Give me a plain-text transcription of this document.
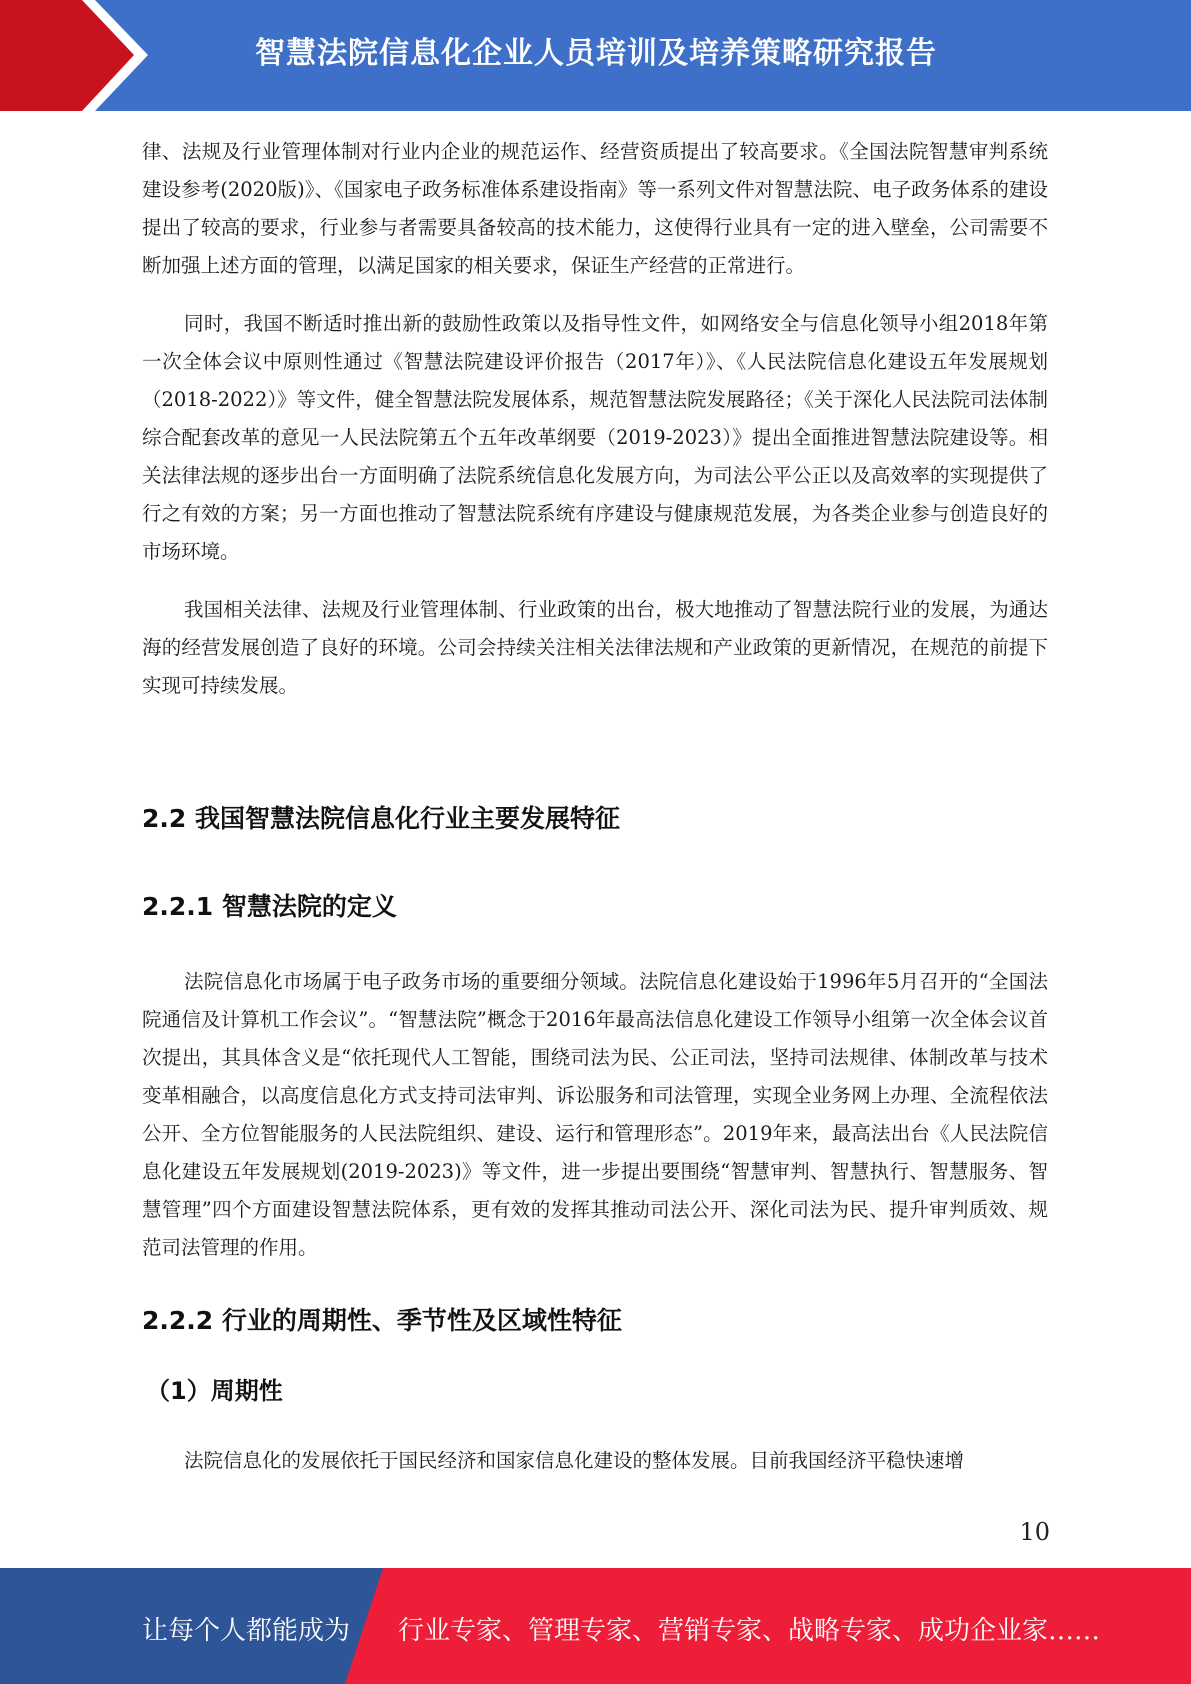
智慧法院信息化企业人员培训及培养策略研究报告

律、法规及行业管理体制对行业内企业的规范运作、经营资质提出了较高要求。《全国法院智慧审判系统建设参考(2020版)》、《国家电子政务标准体系建设指南》等一系列文件对智慧法院、电子政务体系的建设提出了较高的要求，行业参与者需要具备较高的技术能力，这使得行业具有一定的进入壁垒，公司需要不断加强上述方面的管理，以满足国家的相关要求，保证生产经营的正常进行。

同时，我国不断适时推出新的鼓励性政策以及指导性文件，如网络安全与信息化领导小组2018年第一次全体会议中原则性通过《智慧法院建设评价报告（2017年）》、《人民法院信息化建设五年发展规划（2018-2022）》等文件，健全智慧法院发展体系，规范智慧法院发展路径；《关于深化人民法院司法体制综合配套改革的意见一人民法院第五个五年改革纲要（2019-2023）》提出全面推进智慧法院建设等。相关法律法规的逐步出台一方面明确了法院系统信息化发展方向，为司法公平公正以及高效率的实现提供了行之有效的方案；另一方面也推动了智慧法院系统有序建设与健康规范发展，为各类企业参与创造良好的市场环境。

我国相关法律、法规及行业管理体制、行业政策的出台，极大地推动了智慧法院行业的发展，为通达海的经营发展创造了良好的环境。公司会持续关注相关法律法规和产业政策的更新情况，在规范的前提下实现可持续发展。

2.2 我国智慧法院信息化行业主要发展特征
2.2.1 智慧法院的定义

法院信息化市场属于电子政务市场的重要细分领域。法院信息化建设始于1996年5月召开的“全国法院通信及计算机工作会议”。“智慧法院”概念于2016年最高法信息化建设工作领导小组第一次全体会议首次提出，其具体含义是“依托现代人工智能，围绕司法为民、公正司法，坚持司法规律、体制改革与技术变革相融合，以高度信息化方式支持司法审判、诉讼服务和司法管理，实现全业务网上办理、全流程依法公开、全方位智能服务的人民法院组织、建设、运行和管理形态”。2019年来，最高法出台《人民法院信息化建设五年发展规划(2019-2023)》等文件，进一步提出要围绕“智慧审判、智慧执行、智慧服务、智慧管理”四个方面建设智慧法院体系，更有效的发挥其推动司法公开、深化司法为民、提升审判质效、规范司法管理的作用。

2.2.2 行业的周期性、季节性及区域性特征
（1）周期性

法院信息化的发展依托于国民经济和国家信息化建设的整体发展。目前我国经济平稳快速增

10
让每个人都能成为 行业专家、管理专家、营销专家、战略专家、成功企业家……
